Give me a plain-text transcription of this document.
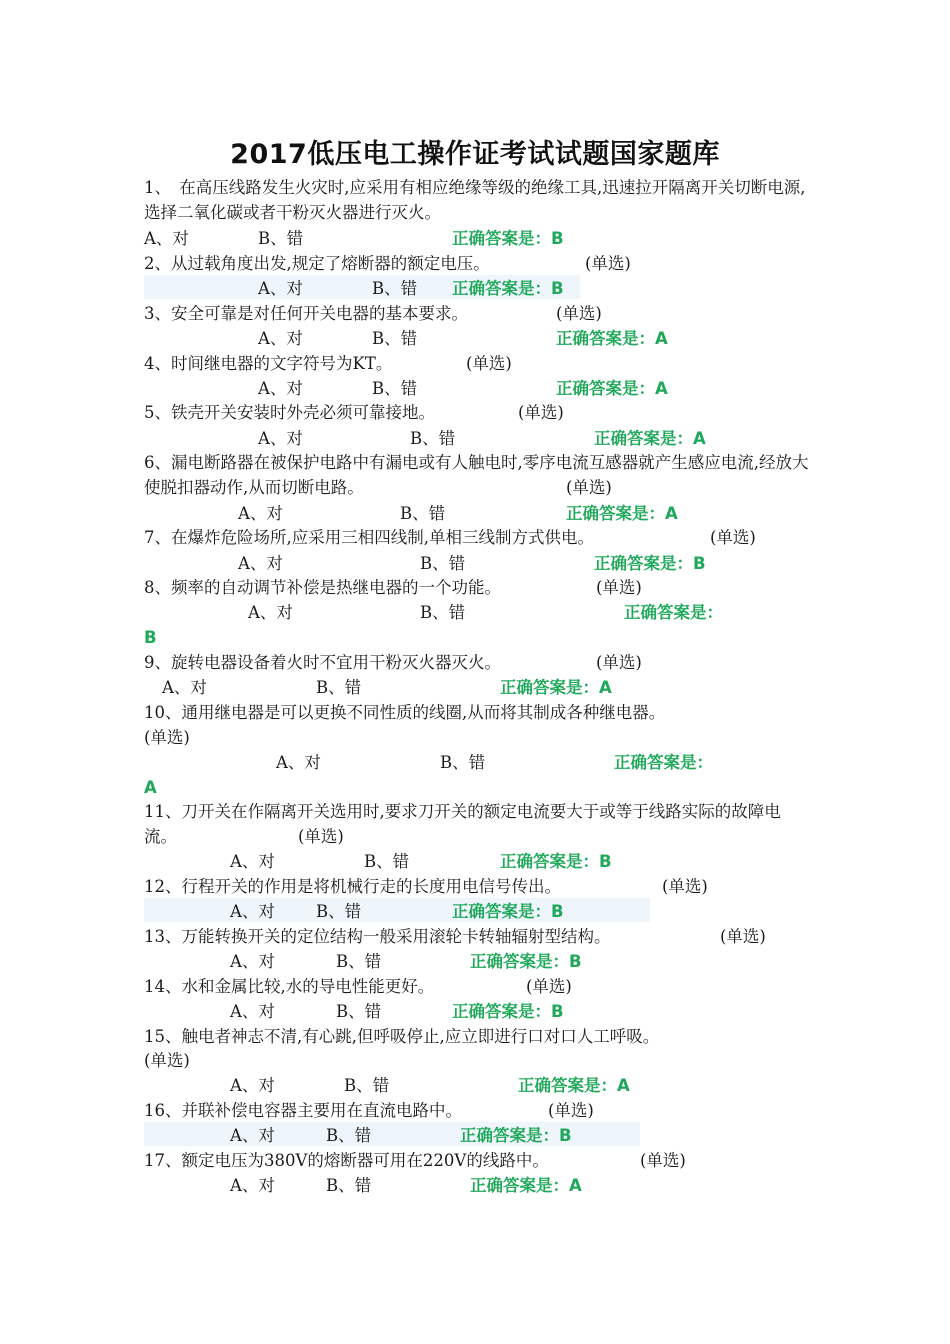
2017低压电工操作证考试试题国家题库
1、　在高压线路发生火灾时,应采用有相应绝缘等级的绝缘工具,迅速拉开隔离开关切断电源,选择二氧化碳或者干粉灭火器进行灭火。
A、对	B、错	正确答案是：B
2、从过载角度出发,规定了熔断器的额定电压。	(单选)
A、对	B、错 正确答案是：B
3、安全可靠是对任何开关电器的基本要求。	(单选)
A、对	B、错	正确答案是：A
4、时间继电器的文字符号为KT。	(单选)
A、对	B、错	正确答案是：A
5、铁壳开关安装时外壳必须可靠接地。	(单选)
A、对	B、错	正确答案是：A
6、漏电断路器在被保护电路中有漏电或有人触电时,零序电流互感器就产生感应电流,经放大使脱扣器动作,从而切断电路。	(单选)
A、对	B、错	正确答案是：A
7、在爆炸危险场所,应采用三相四线制,单相三线制方式供电。	(单选)
A、对	B、错	正确答案是：B
8、频率的自动调节补偿是热继电器的一个功能。	(单选)
A、对	B、错	正确答案是：
B
9、旋转电器设备着火时不宜用干粉灭火器灭火。	(单选)
A、对	B、错	正确答案是：A
10、通用继电器是可以更换不同性质的线圈,从而将其制成各种继电器。
(单选)
A、对	B、错	正确答案是：
A
11、刀开关在作隔离开关选用时,要求刀开关的额定电流要大于或等于线路实际的故障电流。	(单选)
A、对	B、错	正确答案是：B
12、行程开关的作用是将机械行走的长度用电信号传出。	(单选)
A、对 B、错	正确答案是：B
13、万能转换开关的定位结构一般采用滚轮卡转轴辐射型结构。	(单选)
A、对	B、错	正确答案是：B
14、水和金属比较,水的导电性能更好。	(单选)
A、对	B、错	正确答案是：B
15、触电者神志不清,有心跳,但呼吸停止,应立即进行口对口人工呼吸。
(单选)
A、对	B、错	正确答案是：A
16、并联补偿电容器主要用在直流电路中。	(单选)
A、对	B、错	正确答案是：B
17、额定电压为380V的熔断器可用在220V的线路中。	(单选)
A、对	B、错	正确答案是：A
